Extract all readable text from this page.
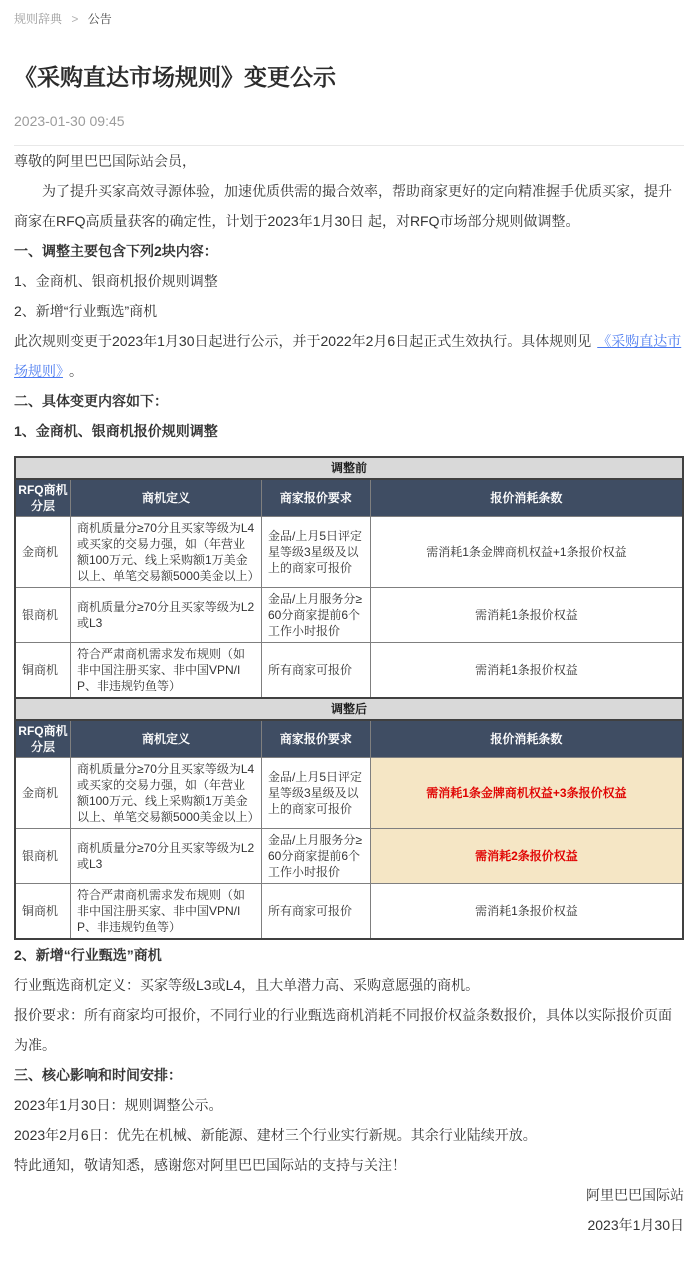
规则辞典 > 公告
《采购直达市场规则》变更公示
2023-01-30 09:45

尊敬的阿里巴巴国际站会员，

为了提升买家高效寻源体验，加速优质供需的撮合效率，帮助商家更好的定向精准握手优质买家，提升商家在RFQ高质量获客的确定性，计划于2023年1月30日 起，对RFQ市场部分规则做调整。

一、调整主要包含下列2块内容：

1、金商机、银商机报价规则调整

2、新增“行业甄选”商机

此次规则变更于2023年1月30日起进行公示，并于2022年2月6日起正式生效执行。具体规则见 《采购直达市场规则》 。

二、具体变更内容如下：

1、金商机、银商机报价规则调整

调整前			
RFQ商机分层	商机定义	商家报价要求	报价消耗条数
金商机	商机质量分≥70分且买家等级为L4或买家的交易力强，如（年营业额100万元、线上采购额1万美金以上、单笔交易额5000美金以上）	金品/上月5日评定星等级3星级及以上的商家可报价	需消耗1条金牌商机权益+1条报价权益
银商机	商机质量分≥70分且买家等级为L2或L3	金品/上月服务分≥60分商家提前6个工作小时报价	需消耗1条报价权益
铜商机	符合严肃商机需求发布规则（如非中国注册买家、非中国VPN/IP、非违规钓鱼等）	所有商家可报价	需消耗1条报价权益
调整后			
RFQ商机分层	商机定义	商家报价要求	报价消耗条数
金商机	商机质量分≥70分且买家等级为L4或买家的交易力强，如（年营业额100万元、线上采购额1万美金以上、单笔交易额5000美金以上）	金品/上月5日评定星等级3星级及以上的商家可报价	需消耗1条金牌商机权益+3条报价权益
银商机	商机质量分≥70分且买家等级为L2或L3	金品/上月服务分≥60分商家提前6个工作小时报价	需消耗2条报价权益
铜商机	符合严肃商机需求发布规则（如非中国注册买家、非中国VPN/IP、非违规钓鱼等）	所有商家可报价	需消耗1条报价权益

2、新增“行业甄选”商机

行业甄选商机定义：买家等级L3或L4，且大单潜力高、采购意愿强的商机。

报价要求：所有商家均可报价，不同行业的行业甄选商机消耗不同报价权益条数报价，具体以实际报价页面为准。

三、核心影响和时间安排：

2023年1月30日：规则调整公示。

2023年2月6日：优先在机械、新能源、建材三个行业实行新规。其余行业陆续开放。

特此通知，敬请知悉，感谢您对阿里巴巴国际站的支持与关注！

阿里巴巴国际站

2023年1月30日
